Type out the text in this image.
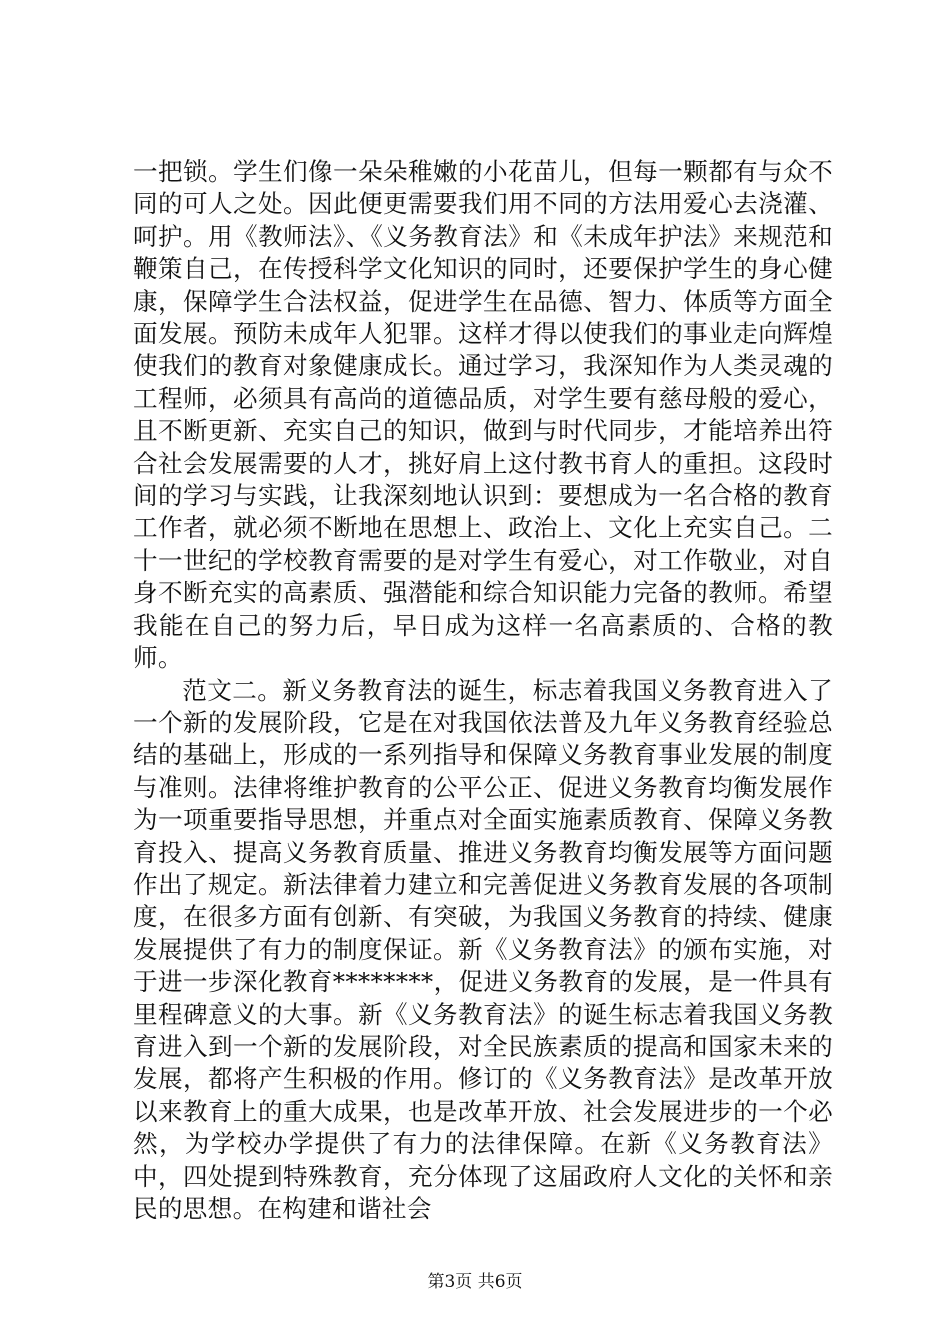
一把锁。学生们像一朵朵稚嫩的小花苗儿，但每一颗都有与众不同的可人之处。因此便更需要我们用不同的方法用爱心去浇灌、呵护。用《教师法》、《义务教育法》和《未成年护法》来规范和鞭策自己，在传授科学文化知识的同时，还要保护学生的身心健康，保障学生合法权益，促进学生在品德、智力、体质等方面全面发展。预防未成年人犯罪。这样才得以使我们的事业走向辉煌使我们的教育对象健康成长。通过学习，我深知作为人类灵魂的工程师，必须具有高尚的道德品质，对学生要有慈母般的爱心，且不断更新、充实自己的知识，做到与时代同步，才能培养出符合社会发展需要的人才，挑好肩上这付教书育人的重担。这段时间的学习与实践，让我深刻地认识到：要想成为一名合格的教育工作者，就必须不断地在思想上、政治上、文化上充实自己。二十一世纪的学校教育需要的是对学生有爱心，对工作敬业，对自身不断充实的高素质、强潜能和综合知识能力完备的教师。希望我能在自己的努力后，早日成为这样一名高素质的、合格的教师。

范文二。新义务教育法的诞生，标志着我国义务教育进入了一个新的发展阶段，它是在对我国依法普及九年义务教育经验总结的基础上，形成的一系列指导和保障义务教育事业发展的制度与准则。法律将维护教育的公平公正、促进义务教育均衡发展作为一项重要指导思想，并重点对全面实施素质教育、保障义务教育投入、提高义务教育质量、推进义务教育均衡发展等方面问题作出了规定。新法律着力建立和完善促进义务教育发展的各项制度，在很多方面有创新、有突破，为我国义务教育的持续、健康发展提供了有力的制度保证。新《义务教育法》的颁布实施，对于进一步深化教育********，促进义务教育的发展，是一件具有里程碑意义的大事。新《义务教育法》的诞生标志着我国义务教育进入到一个新的发展阶段，对全民族素质的提高和国家未来的发展，都将产生积极的作用。修订的《义务教育法》是改革开放以来教育上的重大成果，也是改革开放、社会发展进步的一个必然，为学校办学提供了有力的法律保障。在新《义务教育法》中，四处提到特殊教育，充分体现了这届政府人文化的关怀和亲民的思想。在构建和谐社会

第3页 共6页
